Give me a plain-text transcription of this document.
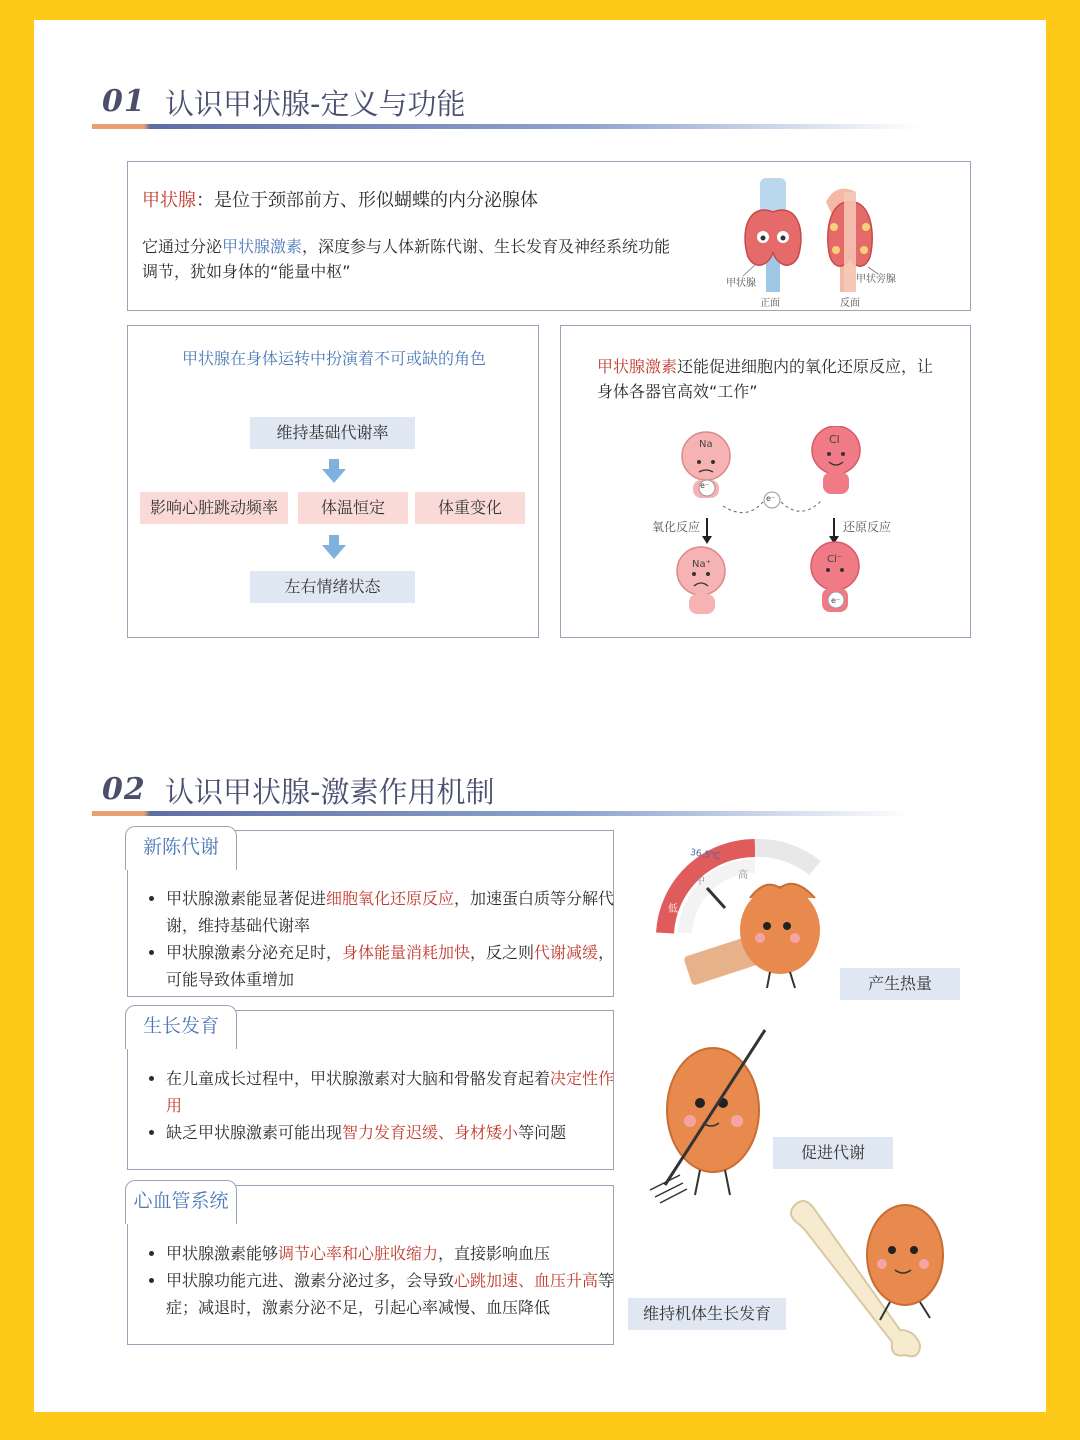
01 认识甲状腺-定义与功能
甲状腺：是位于颈部前方、形似蝴蝶的内分泌腺体
它通过分泌甲状腺激素，深度参与人体新陈代谢、生长发育及神经系统功能调节，犹如身体的“能量中枢”
甲状腺	甲状旁腺
正面	反面
甲状腺在身体运转中扮演着不可或缺的角色
维持基础代谢率
影响心脏跳动频率	体温恒定	体重变化
左右情绪状态
甲状腺激素还能促进细胞内的氧化还原反应，让身体各器官高效“工作”
Na	Cl
e⁻
e⁻
氧化反应	还原反应
Na⁺	Cl⁻
e⁻
02 认识甲状腺-激素作用机制
• 甲状腺激素能显著促进细胞氧化还原反应，加速蛋白质等分解代谢，维持基础代谢率
• 甲状腺激素分泌充足时，身体能量消耗加快，反之则代谢减缓，可能导致体重增加
新陈代谢
• 在儿童成长过程中，甲状腺激素对大脑和骨骼发育起着决定性作用
• 缺乏甲状腺激素可能出现智力发育迟缓、身材矮小等问题
生长发育
• 甲状腺激素能够调节心率和心脏收缩力，直接影响血压
• 甲状腺功能亢进、激素分泌过多，会导致心跳加速、血压升高等症；减退时，激素分泌不足，引起心率减慢、血压降低
心血管系统
36.5℃
低
中
高
产生热量
促进代谢
维持机体生长发育
